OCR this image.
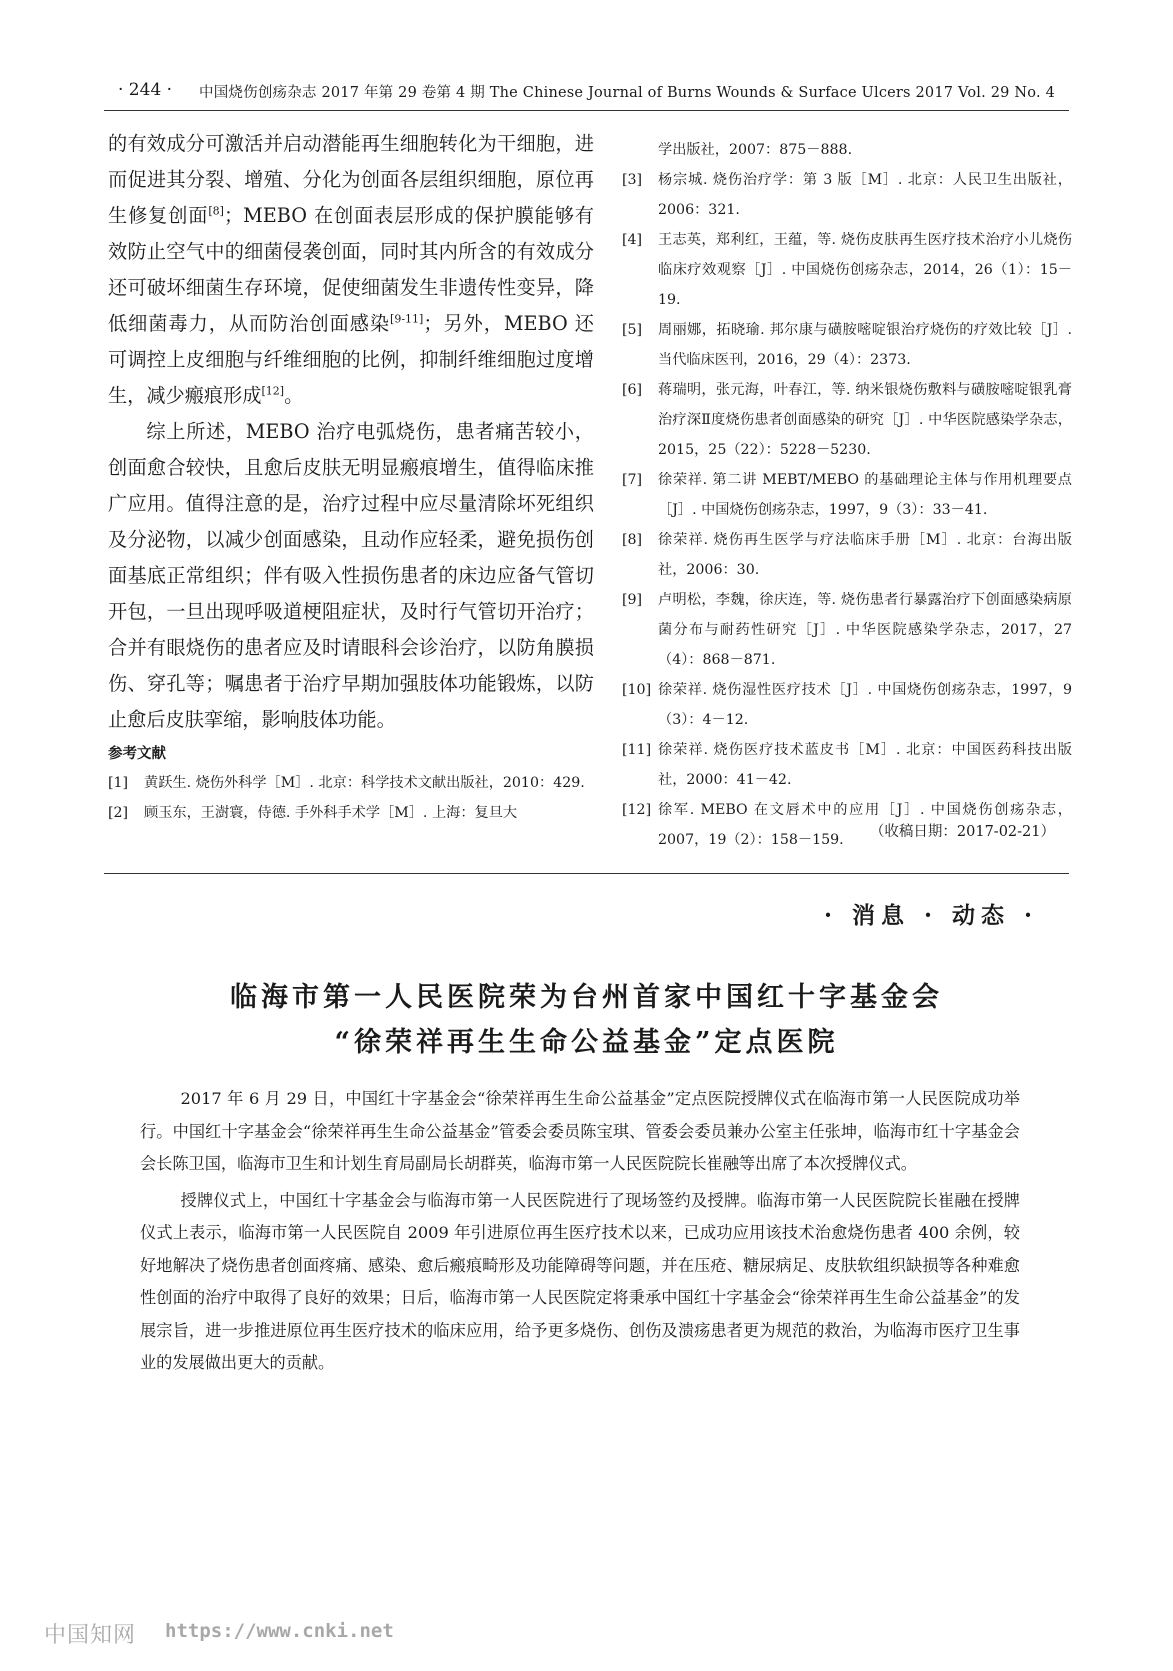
· 244 · 中国烧伤创疡杂志 2017 年第 29 卷第 4 期 The Chinese Journal of Burns Wounds & Surface Ulcers 2017 Vol. 29 No. 4

的有效成分可激活并启动潜能再生细胞转化为干细胞，进而促进其分裂、增殖、分化为创面各层组织细胞，原位再生修复创面[8]；MEBO 在创面表层形成的保护膜能够有效防止空气中的细菌侵袭创面，同时其内所含的有效成分还可破坏细菌生存环境，促使细菌发生非遗传性变异，降低细菌毒力，从而防治创面感染[9-11]；另外，MEBO 还可调控上皮细胞与纤维细胞的比例，抑制纤维细胞过度增生，减少瘢痕形成[12]。

综上所述，MEBO 治疗电弧烧伤，患者痛苦较小，创面愈合较快，且愈后皮肤无明显瘢痕增生，值得临床推广应用。值得注意的是，治疗过程中应尽量清除坏死组织及分泌物，以减少创面感染，且动作应轻柔，避免损伤创面基底正常组织；伴有吸入性损伤患者的床边应备气管切开包，一旦出现呼吸道梗阻症状，及时行气管切开治疗；合并有眼烧伤的患者应及时请眼科会诊治疗，以防角膜损伤、穿孔等；嘱患者于治疗早期加强肢体功能锻炼，以防止愈后皮肤挛缩，影响肢体功能。

参考文献
[1]	黄跃生. 烧伤外科学［M］. 北京：科学技术文献出版社，2010：429.
[2]	顾玉东，王澍寰，侍德. 手外科手术学［M］. 上海：复旦大
学出版社，2007：875－888.
[3]	杨宗城. 烧伤治疗学：第 3 版［M］. 北京：人民卫生出版社，2006：321.
[4]	王志英，郑利红，王蕴，等. 烧伤皮肤再生医疗技术治疗小儿烧伤临床疗效观察［J］. 中国烧伤创疡杂志，2014，26（1）：15－19.
[5]	周丽娜，拓晓瑜. 邦尔康与磺胺嘧啶银治疗烧伤的疗效比较［J］. 当代临床医刊，2016，29（4）：2373.
[6]	蒋瑞明，张元海，叶春江，等. 纳米银烧伤敷料与磺胺嘧啶银乳膏治疗深Ⅱ度烧伤患者创面感染的研究［J］. 中华医院感染学杂志，2015，25（22）：5228－5230.
[7]	徐荣祥. 第二讲 MEBT/MEBO 的基础理论主体与作用机理要点［J］. 中国烧伤创疡杂志，1997，9（3）：33－41.
[8]	徐荣祥. 烧伤再生医学与疗法临床手册［M］. 北京：台海出版社，2006：30.
[9]	卢明松，李魏，徐庆连，等. 烧伤患者行暴露治疗下创面感染病原菌分布与耐药性研究［J］. 中华医院感染学杂志，2017，27（4）：868－871.
[10] 徐荣祥. 烧伤湿性医疗技术［J］. 中国烧伤创疡杂志，1997，9（3）：4－12.
[11] 徐荣祥. 烧伤医疗技术蓝皮书［M］. 北京：中国医药科技出版社，2000：41－42.
[12] 徐军. MEBO 在文唇术中的应用［J］. 中国烧伤创疡杂志，2007，19（2）：158－159.	（收稿日期：2017-02-21）
· 消息 · 动态 ·
临海市第一人民医院荣为台州首家中国红十字基金会
“徐荣祥再生生命公益基金”定点医院

2017 年 6 月 29 日，中国红十字基金会“徐荣祥再生生命公益基金”定点医院授牌仪式在临海市第一人民医院成功举行。中国红十字基金会“徐荣祥再生生命公益基金”管委会委员陈宝琪、管委会委员兼办公室主任张坤，临海市红十字基金会会长陈卫国，临海市卫生和计划生育局副局长胡群英，临海市第一人民医院院长崔融等出席了本次授牌仪式。

授牌仪式上，中国红十字基金会与临海市第一人民医院进行了现场签约及授牌。临海市第一人民医院院长崔融在授牌仪式上表示，临海市第一人民医院自 2009 年引进原位再生医疗技术以来，已成功应用该技术治愈烧伤患者 400 余例，较好地解决了烧伤患者创面疼痛、感染、愈后瘢痕畸形及功能障碍等问题，并在压疮、糖尿病足、皮肤软组织缺损等各种难愈性创面的治疗中取得了良好的效果；日后，临海市第一人民医院定将秉承中国红十字基金会“徐荣祥再生生命公益基金”的发展宗旨，进一步推进原位再生医疗技术的临床应用，给予更多烧伤、创伤及溃疡患者更为规范的救治，为临海市医疗卫生事业的发展做出更大的贡献。

中国知网 https://www.cnki.net
